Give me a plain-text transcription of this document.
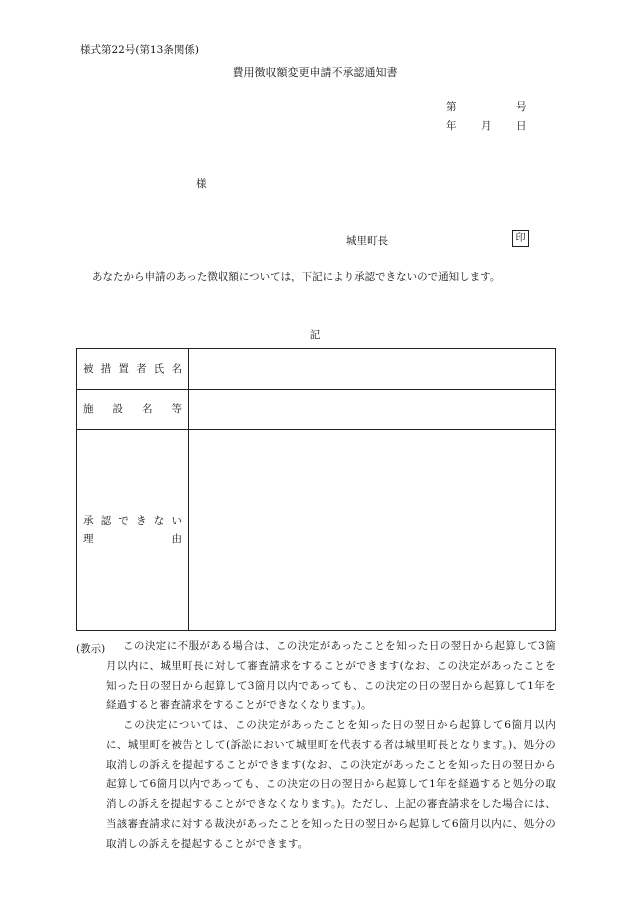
様式第22号(第13条関係)
費用徴収額変更申請不承認通知書
第	号
年 月 日
様
城里町長	印
あなたから申請のあった徴収額については，下記により承認できないので通知します。
記
被措置者氏名
施設名等
承認できない
理由
(教示)	この決定に不服がある場合は、この決定があったことを知った日の翌日から起算して3箇月以内に、城里町長に対して審査請求をすることができます(なお、この決定があったことを知った日の翌日から起算して3箇月以内であっても、この決定の日の翌日から起算して1年を経過すると審査請求をすることができなくなります。)。
この決定については、この決定があったことを知った日の翌日から起算して6箇月以内に、城里町を被告として(訴訟において城里町を代表する者は城里町長となります。)、処分の取消しの訴えを提起することができます(なお、この決定があったことを知った日の翌日から起算して6箇月以内であっても、この決定の日の翌日から起算して1年を経過すると処分の取消しの訴えを提起することができなくなります。)。ただし、上記の審査請求をした場合には、当該審査請求に対する裁決があったことを知った日の翌日から起算して6箇月以内に、処分の取消しの訴えを提起することができます。
